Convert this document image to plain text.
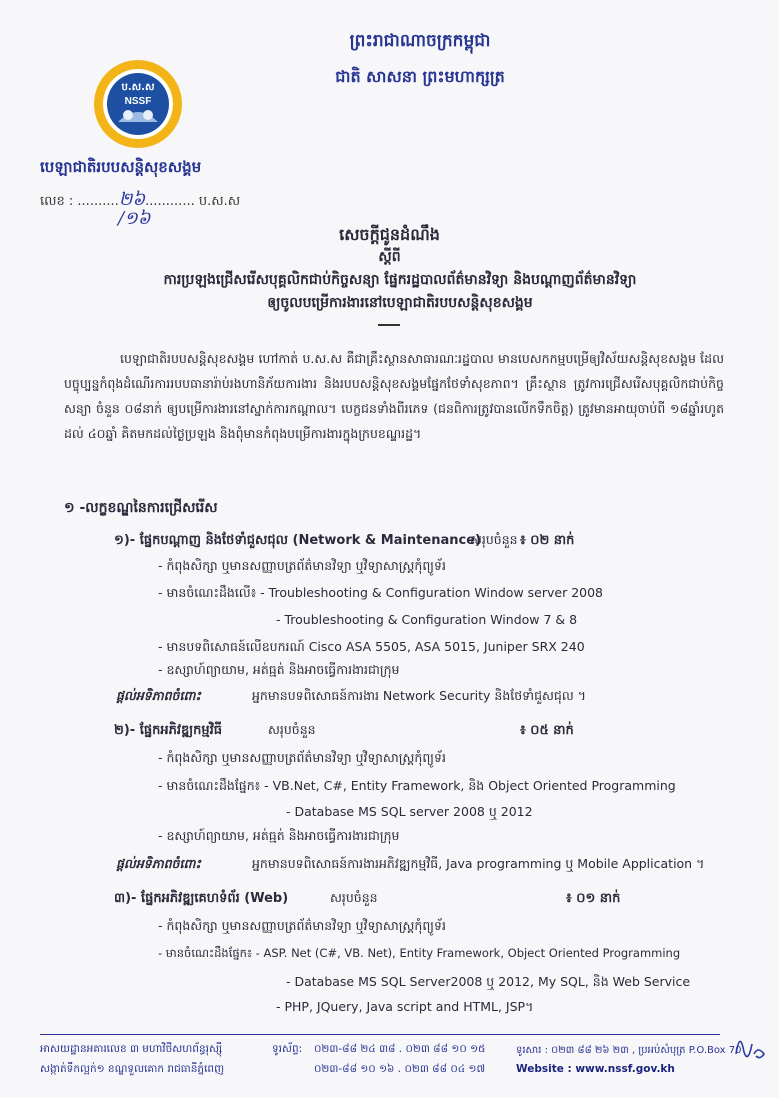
ព្រះរាជាណាចក្រកម្ពុជា
ជាតិ សាសនា ព្រះមហាក្សត្រ
ប.ស.ស
NSSF
បេឡាជាតិរបបសន្តិសុខសង្គម
លេខ : ..........២៦............ ប.ស.ស
/១៦
សេចក្តីជូនដំណឹង
ស្តីពី
ការប្រឡងជ្រើសរើសបុគ្គលិកជាប់កិច្ចសន្យា ផ្នែករដ្ឋបាលព័ត៌មានវិទ្យា និងបណ្តាញព័ត៌មានវិទ្យា
ឲ្យចូលបម្រើការងារនៅបេឡាជាតិរបបសន្តិសុខសង្គម
បេឡាជាតិរបបសន្តិសុខសង្គម ហៅកាត់ ប.ស.ស គឺជាគ្រឹះស្ថានសាធារណៈរដ្ឋបាល មានបេសកកម្មបម្រើឲ្យវិស័យសន្តិសុខសង្គម ដែលបច្ចុប្បន្នកំពុងដំណើរការរបបធានារ៉ាប់រងហានិភ័យការងារ និងរបបសន្តិសុខសង្គមផ្នែកថែទាំសុខភាព។ គ្រឹះស្ថាន ត្រូវការជ្រើសរើសបុគ្គលិកជាប់កិច្ចសន្យា ចំនួន ០៨នាក់ ឲ្យបម្រើការងារនៅស្នាក់ការកណ្តាល។ បេក្ខជនទាំងពីរភេទ (ជនពិការត្រូវបានលើកទឹកចិត្ត) ត្រូវមានអាយុចាប់ពី ១៨ឆ្នាំរហូតដល់ ៤០ឆ្នាំ គិតមកដល់ថ្ងៃប្រឡង និងពុំមានកំពុងបម្រើការងារក្នុងក្របខណ្ឌរដ្ឋ។
១ -លក្ខខណ្ឌនៃការជ្រើសរើស
១)- ផ្នែកបណ្តាញ និងថែទាំជួសជុល (Network & Maintenance)
សរុបចំនួន ៖ ០២ នាក់
- កំពុងសិក្សា ឬមានសញ្ញាបត្រព័ត៌មានវិទ្យា ឬវិទ្យាសាស្ត្រកុំព្យូទ័រ
- មានចំណេះដឹងលើ៖ - Troubleshooting & Configuration Window server 2008
- Troubleshooting & Configuration Window 7 & 8
- មានបទពិសោធន៍លើឧបករណ៍ Cisco ASA 5505, ASA 5015, Juniper SRX 240
- ឧស្សាហ៍ព្យាយាម, អត់ធ្មត់ និងអាចធ្វើការងារជាក្រុម
ផ្តល់អទិភាពចំពោះ	អ្នកមានបទពិសោធន៍ការងារ Network Security និងថែទាំជួសជុល ។
២)- ផ្នែកអភិវឌ្ឍកម្មវិធី	សរុបចំនួន	៖ ០៥ នាក់
- កំពុងសិក្សា ឬមានសញ្ញាបត្រព័ត៌មានវិទ្យា ឬវិទ្យាសាស្ត្រកុំព្យូទ័រ
- មានចំណេះដឹងផ្នែក៖ - VB.Net, C#, Entity Framework, និង Object Oriented Programming
- Database MS SQL server 2008 ឬ 2012
- ឧស្សាហ៍ព្យាយាម, អត់ធ្មត់ និងអាចធ្វើការងារជាក្រុម
ផ្តល់អទិភាពចំពោះ	អ្នកមានបទពិសោធន៍ការងារអភិវឌ្ឍកម្មវិធី, Java programming ឬ Mobile Application ។
៣)- ផ្នែកអភិវឌ្ឍគេហទំព័រ (Web)	សរុបចំនួន	៖ ០១ នាក់
- កំពុងសិក្សា ឬមានសញ្ញាបត្រព័ត៌មានវិទ្យា ឬវិទ្យាសាស្ត្រកុំព្យូទ័រ
- មានចំណេះដឹងផ្នែក៖ - ASP. Net (C#, VB. Net), Entity Framework, Object Oriented Programming
- Database MS SQL Server2008 ឬ 2012, My SQL, និង Web Service
- PHP, JQuery, Java script and HTML, JSP។
អាសយដ្ឋានអគារលេខ ៣ មហាវិថីសហព័ន្ធរុស្ស៊ី
សង្កាត់ទឹកល្អក់១ ខណ្ឌទួលគោក រាជធានីភ្នំពេញ
ទូរស័ព្ទ: ០២៣-៨៨ ២៤ ៣៨ . ០២៣ ៨៨ ១០ ១៥
០២៣-៨៨ ១០ ១៦ . ០២៣ ៨៨ ០៤ ១៧
ទូរសារ : ០២៣ ៨៨ ២៦ ២៣ , ប្រអប់សំបុត្រ P.O.Box 70
Website : www.nssf.gov.kh
